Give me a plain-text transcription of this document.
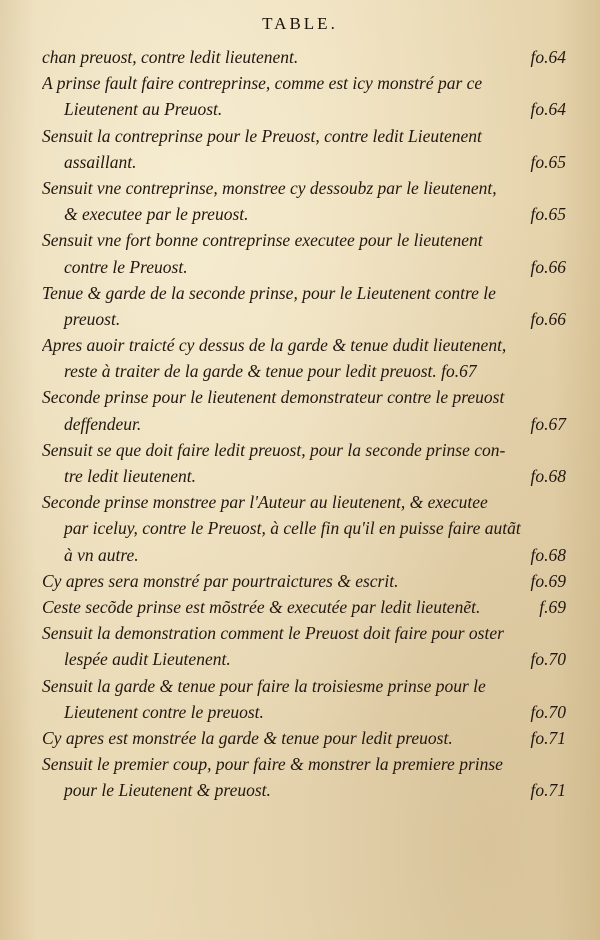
TABLE.
chan preuost, contre ledit lieutenent.	fo.64
A prinse fault faire contreprinse, comme est icy monstré par ce
Lieutenent au Preuost.	fo.64
Sensuit la contreprinse pour le Preuost, contre ledit Lieutenent
assaillant.	fo.65
Sensuit vne contreprinse, monstree cy dessoubz par le lieutenent,
& executee par le preuost.	fo.65
Sensuit vne fort bonne contreprinse executee pour le lieutenent
contre le Preuost.	fo.66
Tenue & garde de la seconde prinse, pour le Lieutenent contre le
preuost.	fo.66
Apres auoir traicté cy dessus de la garde & tenue dudit lieutenent,
reste à traiter de la garde & tenue pour ledit preuost. fo.67
Seconde prinse pour le lieutenent demonstrateur contre le preuost
deffendeur.	fo.67
Sensuit se que doit faire ledit preuost, pour la seconde prinse con-
tre ledit lieutenent.	fo.68
Seconde prinse monstree par l'Auteur au lieutenent, & executee
par iceluy, contre le Preuost, à celle fin qu'il en puisse faire autãt
à vn autre.	fo.68
Cy apres sera monstré par pourtraictures & escrit.	fo.69
Ceste secõde prinse est mõstrée & executée par ledit lieutenẽt.	f.69
Sensuit la demonstration comment le Preuost doit faire pour oster
lespée audit Lieutenent.	fo.70
Sensuit la garde & tenue pour faire la troisiesme prinse pour le
Lieutenent contre le preuost.	fo.70
Cy apres est monstrée la garde & tenue pour ledit preuost.	fo.71
Sensuit le premier coup, pour faire & monstrer la premiere prinse
pour le Lieutenent & preuost.	fo.71
